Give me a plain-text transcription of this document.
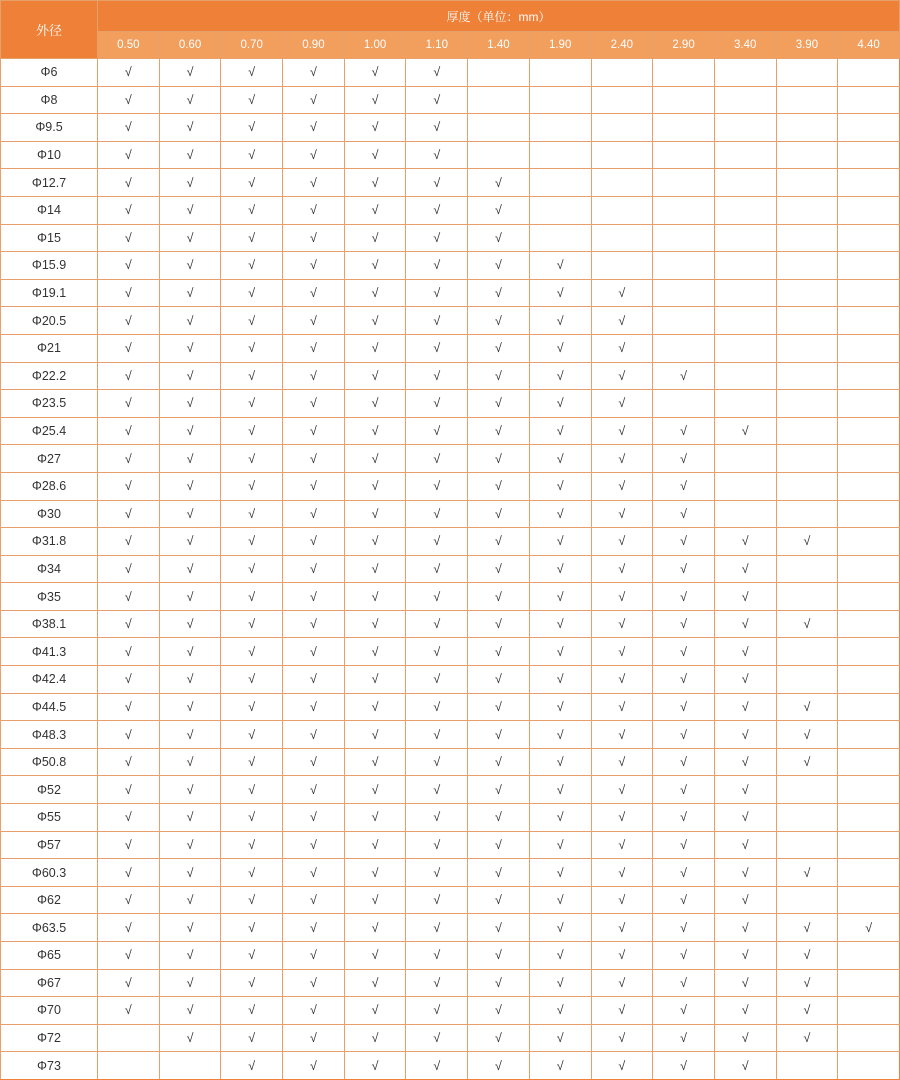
外径	厚度（单位：mm）												
	0.50	0.60	0.70	0.90	1.00	1.10	1.40	1.90	2.40	2.90	3.40	3.90	4.40
Φ6	√	√	√	√	√	√							
Φ8	√	√	√	√	√	√							
Φ9.5	√	√	√	√	√	√							
Φ10	√	√	√	√	√	√							
Φ12.7	√	√	√	√	√	√	√						
Φ14	√	√	√	√	√	√	√						
Φ15	√	√	√	√	√	√	√						
Φ15.9	√	√	√	√	√	√	√	√					
Φ19.1	√	√	√	√	√	√	√	√	√				
Φ20.5	√	√	√	√	√	√	√	√	√				
Φ21	√	√	√	√	√	√	√	√	√				
Φ22.2	√	√	√	√	√	√	√	√	√	√			
Φ23.5	√	√	√	√	√	√	√	√	√				
Φ25.4	√	√	√	√	√	√	√	√	√	√	√		
Φ27	√	√	√	√	√	√	√	√	√	√			
Φ28.6	√	√	√	√	√	√	√	√	√	√			
Φ30	√	√	√	√	√	√	√	√	√	√			
Φ31.8	√	√	√	√	√	√	√	√	√	√	√	√	
Φ34	√	√	√	√	√	√	√	√	√	√	√		
Φ35	√	√	√	√	√	√	√	√	√	√	√		
Φ38.1	√	√	√	√	√	√	√	√	√	√	√	√	
Φ41.3	√	√	√	√	√	√	√	√	√	√	√		
Φ42.4	√	√	√	√	√	√	√	√	√	√	√		
Φ44.5	√	√	√	√	√	√	√	√	√	√	√	√	
Φ48.3	√	√	√	√	√	√	√	√	√	√	√	√	
Φ50.8	√	√	√	√	√	√	√	√	√	√	√	√	
Φ52	√	√	√	√	√	√	√	√	√	√	√		
Φ55	√	√	√	√	√	√	√	√	√	√	√		
Φ57	√	√	√	√	√	√	√	√	√	√	√		
Φ60.3	√	√	√	√	√	√	√	√	√	√	√	√	
Φ62	√	√	√	√	√	√	√	√	√	√	√		
Φ63.5	√	√	√	√	√	√	√	√	√	√	√	√	√
Φ65	√	√	√	√	√	√	√	√	√	√	√	√	
Φ67	√	√	√	√	√	√	√	√	√	√	√	√	
Φ70	√	√	√	√	√	√	√	√	√	√	√	√	
Φ72		√	√	√	√	√	√	√	√	√	√	√	
Φ73			√	√	√	√	√	√	√	√	√		
